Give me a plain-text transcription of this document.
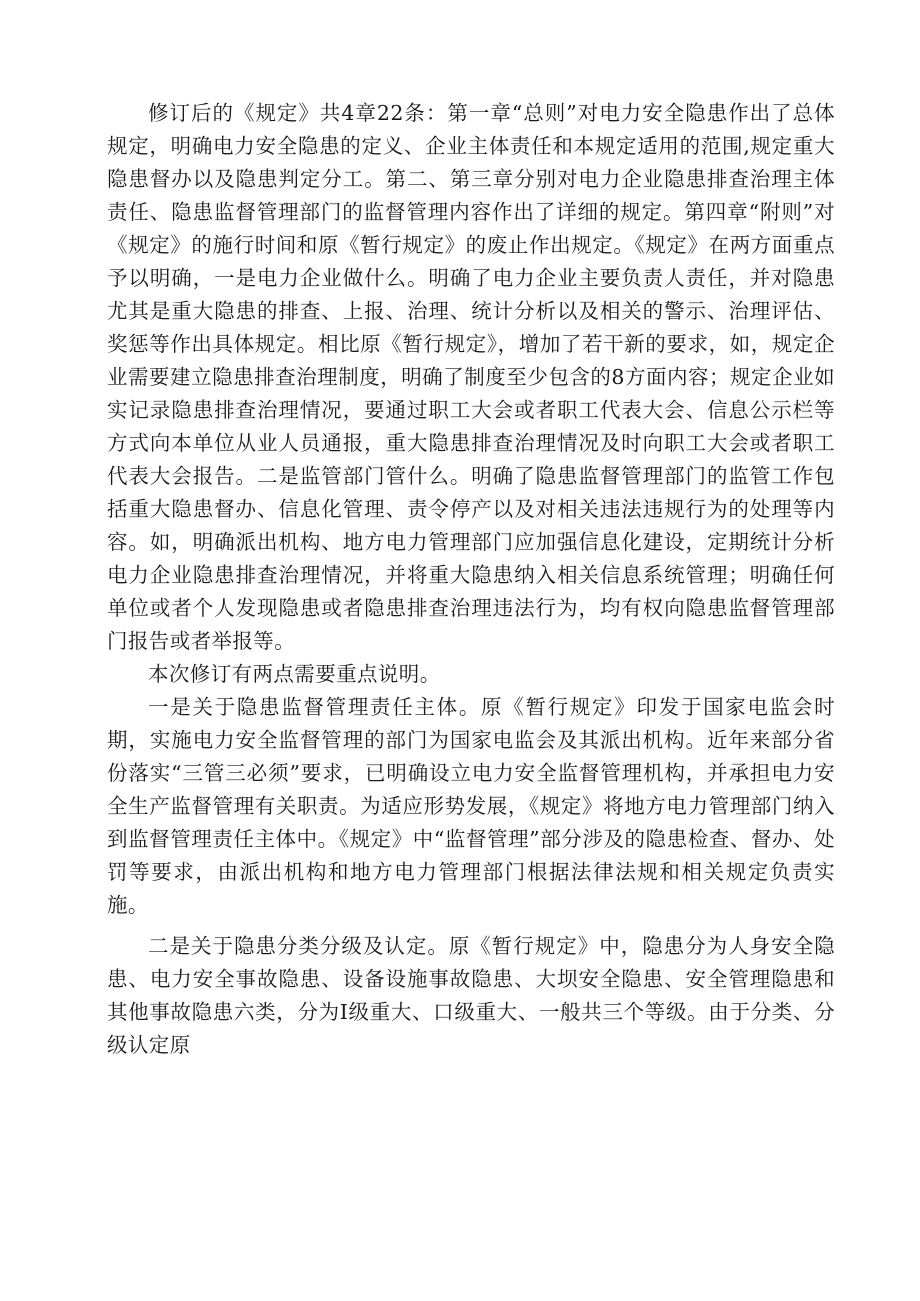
修订后的《规定》共4章22条：第一章“总则”对电力安全隐患作出了总体规定，明确电力安全隐患的定义、企业主体责任和本规定适用的范围,规定重大隐患督办以及隐患判定分工。第二、第三章分别对电力企业隐患排查治理主体责任、隐患监督管理部门的监督管理内容作出了详细的规定。第四章“附则”对《规定》的施行时间和原《暂行规定》的废止作出规定。《规定》在两方面重点予以明确，一是电力企业做什么。明确了电力企业主要负责人责任，并对隐患尤其是重大隐患的排查、上报、治理、统计分析以及相关的警示、治理评估、奖惩等作出具体规定。相比原《暂行规定》，增加了若干新的要求，如，规定企业需要建立隐患排查治理制度，明确了制度至少包含的8方面内容；规定企业如实记录隐患排查治理情况，要通过职工大会或者职工代表大会、信息公示栏等方式向本单位从业人员通报，重大隐患排查治理情况及时向职工大会或者职工代表大会报告。二是监管部门管什么。明确了隐患监督管理部门的监管工作包括重大隐患督办、信息化管理、责令停产以及对相关违法违规行为的处理等内容。如，明确派出机构、地方电力管理部门应加强信息化建设，定期统计分析电力企业隐患排查治理情况，并将重大隐患纳入相关信息系统管理；明确任何单位或者个人发现隐患或者隐患排查治理违法行为，均有权向隐患监督管理部门报告或者举报等。

本次修订有两点需要重点说明。

一是关于隐患监督管理责任主体。原《暂行规定》印发于国家电监会时期，实施电力安全监督管理的部门为国家电监会及其派出机构。近年来部分省份落实“三管三必须”要求，已明确设立电力安全监督管理机构，并承担电力安全生产监督管理有关职责。为适应形势发展，《规定》将地方电力管理部门纳入到监督管理责任主体中。《规定》中“监督管理”部分涉及的隐患检查、督办、处罚等要求，由派出机构和地方电力管理部门根据法律法规和相关规定负责实施。

二是关于隐患分类分级及认定。原《暂行规定》中，隐患分为人身安全隐患、电力安全事故隐患、设备设施事故隐患、大坝安全隐患、安全管理隐患和其他事故隐患六类，分为Ⅰ级重大、口级重大、一般共三个等级。由于分类、分级认定原
